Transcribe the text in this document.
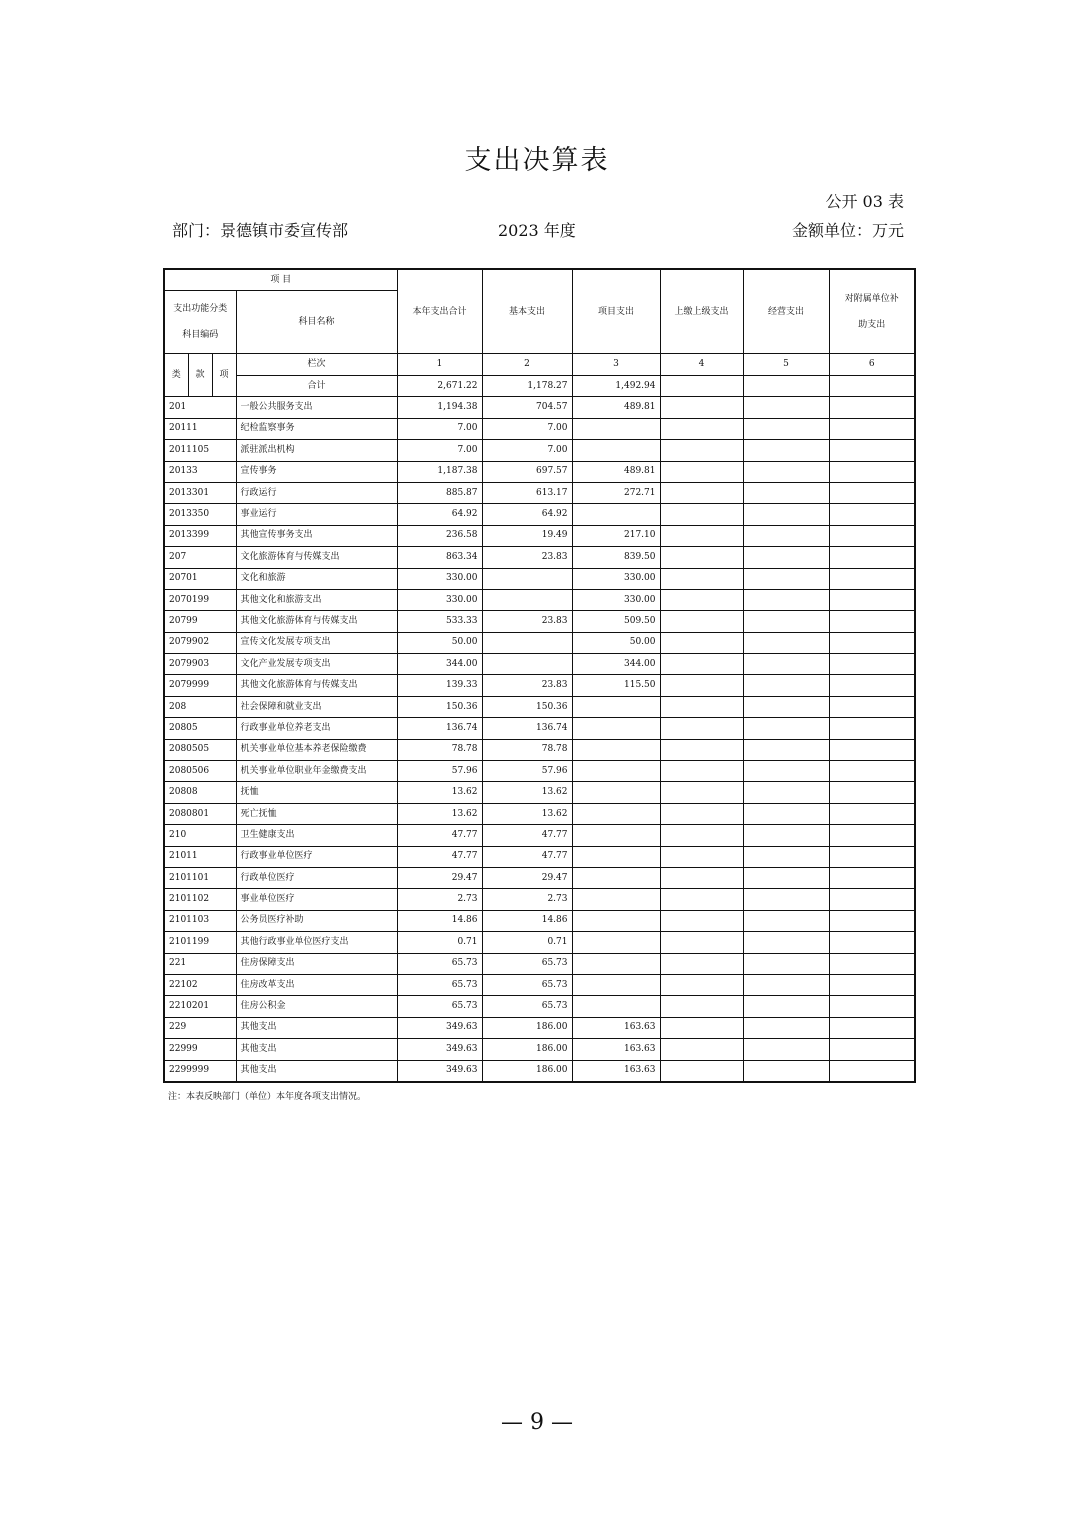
支出决算表
公开 03 表
部门：景德镇市委宣传部	2023 年度	金额单位：万元
项 目				本年支出合计	基本支出	项目支出	上缴上级支出	经营支出	对附属单位补助支出
支出功能分类科目编码			科目名称						
类	款	项	栏次	1	2	3	4	5	6
			合计	2,671.22	1,178.27	1,492.94			
201			一般公共服务支出	1,194.38	704.57	489.81			
20111			纪检监察事务	7.00	7.00				
2011105			派驻派出机构	7.00	7.00				
20133			宣传事务	1,187.38	697.57	489.81			
2013301			行政运行	885.87	613.17	272.71			
2013350			事业运行	64.92	64.92				
2013399			其他宣传事务支出	236.58	19.49	217.10			
207			文化旅游体育与传媒支出	863.34	23.83	839.50			
20701			文化和旅游	330.00		330.00			
2070199			其他文化和旅游支出	330.00		330.00			
20799			其他文化旅游体育与传媒支出	533.33	23.83	509.50			
2079902			宣传文化发展专项支出	50.00		50.00			
2079903			文化产业发展专项支出	344.00		344.00			
2079999			其他文化旅游体育与传媒支出	139.33	23.83	115.50			
208			社会保障和就业支出	150.36	150.36				
20805			行政事业单位养老支出	136.74	136.74				
2080505			机关事业单位基本养老保险缴费	78.78	78.78				
2080506			机关事业单位职业年金缴费支出	57.96	57.96				
20808			抚恤	13.62	13.62				
2080801			死亡抚恤	13.62	13.62				
210			卫生健康支出	47.77	47.77				
21011			行政事业单位医疗	47.77	47.77				
2101101			行政单位医疗	29.47	29.47				
2101102			事业单位医疗	2.73	2.73				
2101103			公务员医疗补助	14.86	14.86				
2101199			其他行政事业单位医疗支出	0.71	0.71				
221			住房保障支出	65.73	65.73				
22102			住房改革支出	65.73	65.73				
2210201			住房公积金	65.73	65.73				
229			其他支出	349.63	186.00	163.63			
22999			其他支出	349.63	186.00	163.63			
2299999			其他支出	349.63	186.00	163.63			
注：本表反映部门（单位）本年度各项支出情况。
— 9 —
